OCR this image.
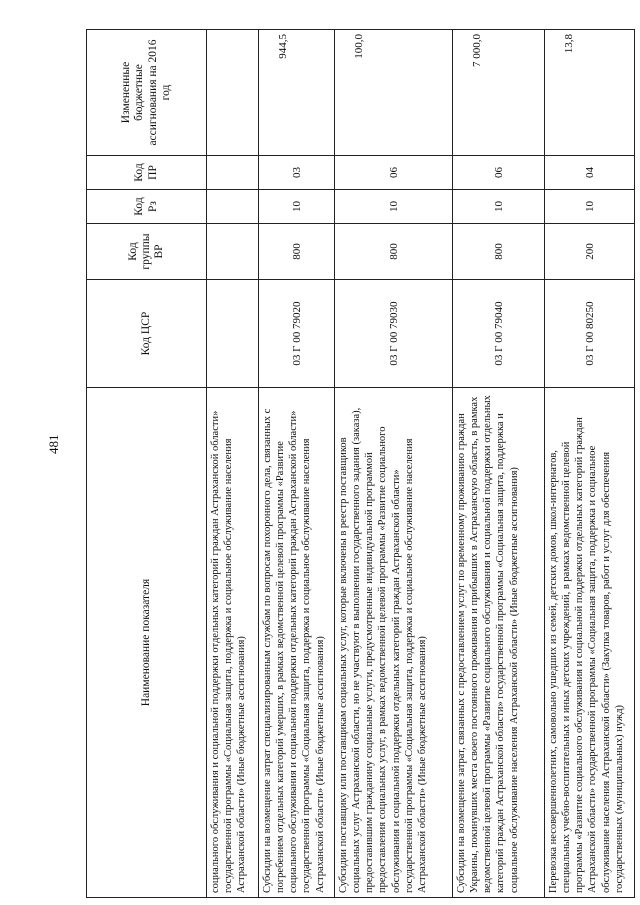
481
Наименование показателя	Код ЦСР	Код группы ВР	Код Рз	Код ПР	Измененные бюджетные ассигнования на 2016 год
социального обслуживания и социальной поддержки отдельных категорий граждан Астраханской области» государственной программы «Социальная защита, поддержка и социальное обслуживание населения Астраханской области» (Иные бюджетные ассигнования)					
Субсидии на возмещение затрат специализированным службам по вопросам похоронного дела, связанных с погребением отдельных категорий умерших, в рамках ведомственной целевой программы «Развитие социального обслуживания и социальной поддержки отдельных категорий граждан Астраханской области» государственной программы «Социальная защита, поддержка и социальное обслуживание населения Астраханской области» (Иные бюджетные ассигнования)	03 Г 00 79020	800	10	03	944,5
Субсидии поставщику или поставщикам социальных услуг, которые включены в реестр поставщиков социальных услуг Астраханской области, но не участвуют в выполнении государственного задания (заказа), предоставившим гражданину социальные услуги, предусмотренные индивидуальной программой предоставления социальных услуг, в рамках ведомственной целевой программы «Развитие социального обслуживания и социальной поддержки отдельных категорий граждан Астраханской области» государственной программы «Социальная защита, поддержка и социальное обслуживание населения Астраханской области» (Иные бюджетные ассигнования)	03 Г 00 79030	800	10	06	100,0
Субсидии на возмещение затрат, связанных с предоставлением услуг по временному проживанию граждан Украины, покинувших места своего постоянного проживания и прибывших в Астраханскую область, в рамках ведомственной целевой программы «Развитие социального обслуживания и социальной поддержки отдельных категорий граждан Астраханской области» государственной программы «Социальная защита, поддержка и социальное обслуживание населения Астраханской области» (Иные бюджетные ассигнования)	03 Г 00 79040	800	10	06	7 000,0
Перевозка несовершеннолетних, самовольно ушедших из семей, детских домов, школ-интернатов, специальных учебно-воспитательных и иных детских учреждений, в рамках ведомственной целевой программы «Развитие социального обслуживания и социальной поддержки отдельных категорий граждан Астраханской области» государственной программы «Социальная защита, поддержка и социальное обслуживание населения Астраханской области» (Закупка товаров, работ и услуг для обеспечения государственных (муниципальных) нужд)	03 Г 00 80250	200	10	04	13,8
